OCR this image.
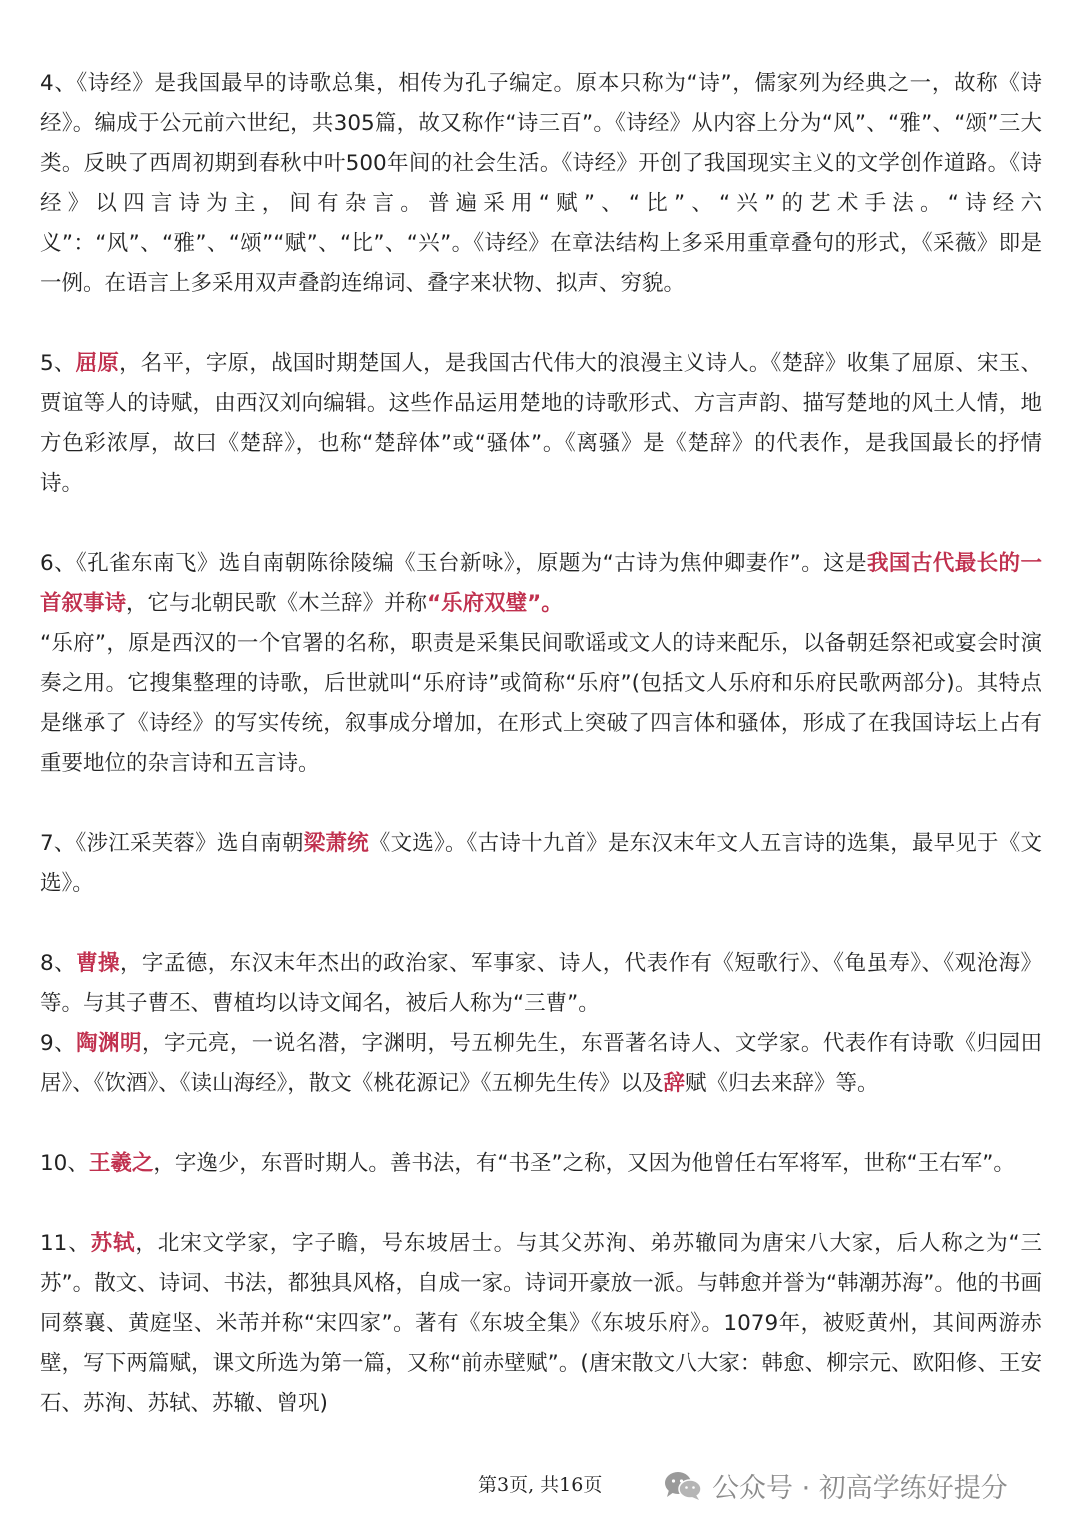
4、《诗经》是我国最早的诗歌总集，相传为孔子编定。原本只称为“诗”，儒家列为经典之一，故称《诗经》。编成于公元前六世纪，共305篇，故又称作“诗三百”。《诗经》从内容上分为“风”、“雅”、“颂”三大类。反映了西周初期到春秋中叶500年间的社会生活。《诗经》开创了我国现实主义的文学创作道路。《诗经》以四言诗为主，间有杂言。普遍采用“赋”、“比”、“兴”的艺术手法。“诗经六义”：“风”、“雅”、“颂”“赋”、“比”、“兴”。《诗经》在章法结构上多采用重章叠句的形式，《采薇》即是一例。在语言上多采用双声叠韵连绵词、叠字来状物、拟声、穷貌。

5、屈原，名平，字原，战国时期楚国人，是我国古代伟大的浪漫主义诗人。《楚辞》收集了屈原、宋玉、贾谊等人的诗赋，由西汉刘向编辑。这些作品运用楚地的诗歌形式、方言声韵、描写楚地的风土人情，地方色彩浓厚，故曰《楚辞》，也称“楚辞体”或“骚体”。《离骚》是《楚辞》的代表作，是我国最长的抒情诗。

6、《孔雀东南飞》选自南朝陈徐陵编《玉台新咏》，原题为“古诗为焦仲卿妻作”。这是我国古代最长的一首叙事诗，它与北朝民歌《木兰辞》并称“乐府双璧”。

“乐府”，原是西汉的一个官署的名称，职责是采集民间歌谣或文人的诗来配乐，以备朝廷祭祀或宴会时演奏之用。它搜集整理的诗歌，后世就叫“乐府诗”或简称“乐府”(包括文人乐府和乐府民歌两部分)。其特点是继承了《诗经》的写实传统，叙事成分增加，在形式上突破了四言体和骚体，形成了在我国诗坛上占有重要地位的杂言诗和五言诗。

7、《涉江采芙蓉》选自南朝梁萧统《文选》。《古诗十九首》是东汉末年文人五言诗的选集，最早见于《文选》。

8、曹操，字孟德，东汉末年杰出的政治家、军事家、诗人，代表作有《短歌行》、《龟虽寿》、《观沧海》等。与其子曹丕、曹植均以诗文闻名，被后人称为“三曹”。

9、陶渊明，字元亮，一说名潜，字渊明，号五柳先生，东晋著名诗人、文学家。代表作有诗歌《归园田居》、《饮酒》、《读山海经》，散文《桃花源记》《五柳先生传》以及辞赋《归去来辞》等。

10、王羲之，字逸少，东晋时期人。善书法，有“书圣”之称，又因为他曾任右军将军，世称“王右军”。

11、苏轼，北宋文学家，字子瞻，号东坡居士。与其父苏洵、弟苏辙同为唐宋八大家，后人称之为“三苏”。散文、诗词、书法，都独具风格，自成一家。诗词开豪放一派。与韩愈并誉为“韩潮苏海”。他的书画同蔡襄、黄庭坚、米芾并称“宋四家”。著有《东坡全集》《东坡乐府》。1079年，被贬黄州，其间两游赤壁，写下两篇赋，课文所选为第一篇，又称“前赤壁赋”。(唐宋散文八大家：韩愈、柳宗元、欧阳修、王安石、苏洵、苏轼、苏辙、曾巩)

第3页, 共16页	公众号 · 初高学练好提分
